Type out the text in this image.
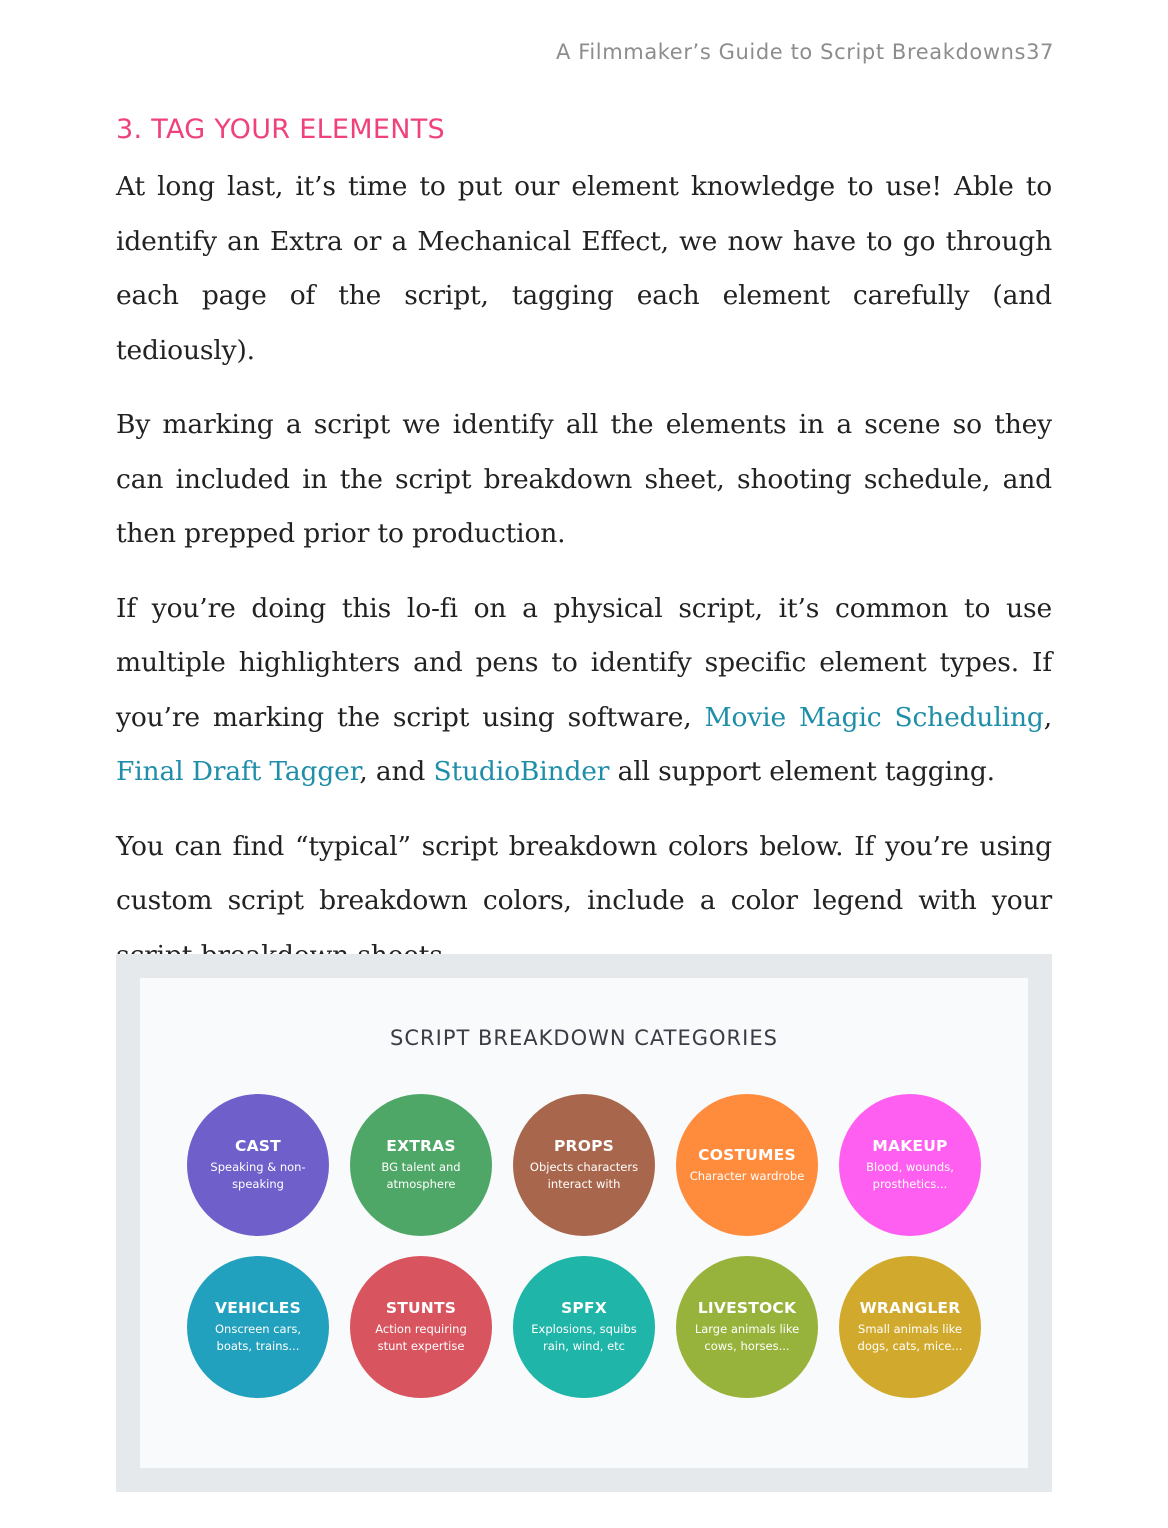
A Filmmaker’s Guide to Script Breakdowns37
3. TAG YOUR ELEMENTS

At long last, it’s time to put our element knowledge to use! Able to identify an Extra or a Mechanical Effect, we now have to go through each page of the script, tagging each element carefully (and tediously).

By marking a script we identify all the elements in a scene so they can included in the script breakdown sheet, shooting schedule, and then prepped prior to production.

If you’re doing this lo-fi on a physical script, it’s common to use multiple highlighters and pens to identify specific element types. If you’re marking the script using software, Movie Magic Scheduling, Final Draft Tagger, and StudioBinder all support element tagging.

You can find “typical” script breakdown colors below. If you’re using custom script breakdown colors, include a color legend with your

SCRIPT BREAKDOWN CATEGORIES
CAST
Speaking & non-speaking
EXTRAS
BG talent and atmosphere
PROPS
Objects characters interact with
COSTUMES
Character wardrobe
MAKEUP
Blood, wounds, prosthetics...
VEHICLES
Onscreen cars, boats, trains...
STUNTS
Action requiring stunt expertise
SPFX
Explosions, squibs rain, wind, etc
LIVESTOCK
Large animals like cows, horses...
WRANGLER
Small animals like dogs, cats, mice...
